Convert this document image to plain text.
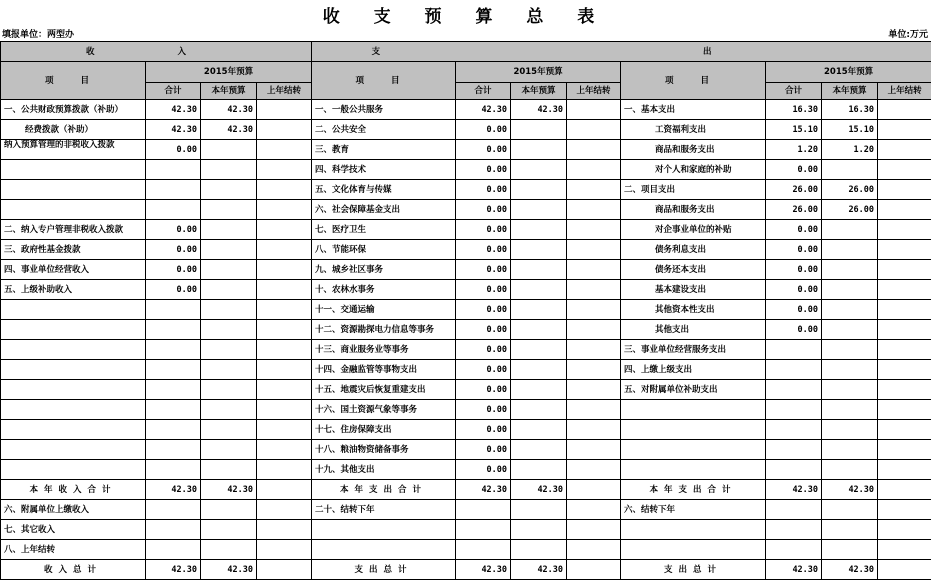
收 支 预 算 总 表
填报单位：两型办	单位:万元
收 入				支 出							
项 目	2015年预算			项 目	2015年预算			项 目	2015年预算		
	合计	本年预算	上年结转		合计	本年预算	上年结转		合计	本年预算	上年结转
一、公共财政预算拨款（补助）	42.30	42.30		一、一般公共服务	42.30	42.30		一、基本支出	16.30	16.30	
经费拨款（补助）	42.30	42.30		二、公共安全	0.00			工资福利支出	15.10	15.10	
纳入预算管理的非税收入拨款	0.00			三、教育	0.00			商品和服务支出	1.20	1.20	
				四、科学技术	0.00			对个人和家庭的补助	0.00		
				五、文化体育与传媒	0.00			二、项目支出	26.00	26.00	
				六、社会保障基金支出	0.00			商品和服务支出	26.00	26.00	
二、纳入专户管理非税收入拨款	0.00			七、医疗卫生	0.00			对企事业单位的补贴	0.00		
三、政府性基金拨款	0.00			八、节能环保	0.00			债务利息支出	0.00		
四、事业单位经营收入	0.00			九、城乡社区事务	0.00			债务还本支出	0.00		
五、上级补助收入	0.00			十、农林水事务	0.00			基本建设支出	0.00		
				十一、交通运输	0.00			其他资本性支出	0.00		
				十二、资源勘探电力信息等事务	0.00			其他支出	0.00		
				十三、商业服务业等事务	0.00			三、事业单位经营服务支出			
				十四、金融监管等事物支出	0.00			四、上缴上级支出			
				十五、地震灾后恢复重建支出	0.00			五、对附属单位补助支出			
				十六、国土资源气象等事务	0.00						
				十七、住房保障支出	0.00						
				十八、粮油物资储备事务	0.00						
				十九、其他支出	0.00						
本年收入合计	42.30	42.30		本年支出合计	42.30	42.30		本年支出合计	42.30	42.30	
六、附属单位上缴收入				二十、结转下年				六、结转下年			
七、其它收入											
八、上年结转											
收入总计	42.30	42.30		支出总计	42.30	42.30		支出总计	42.30	42.30	
